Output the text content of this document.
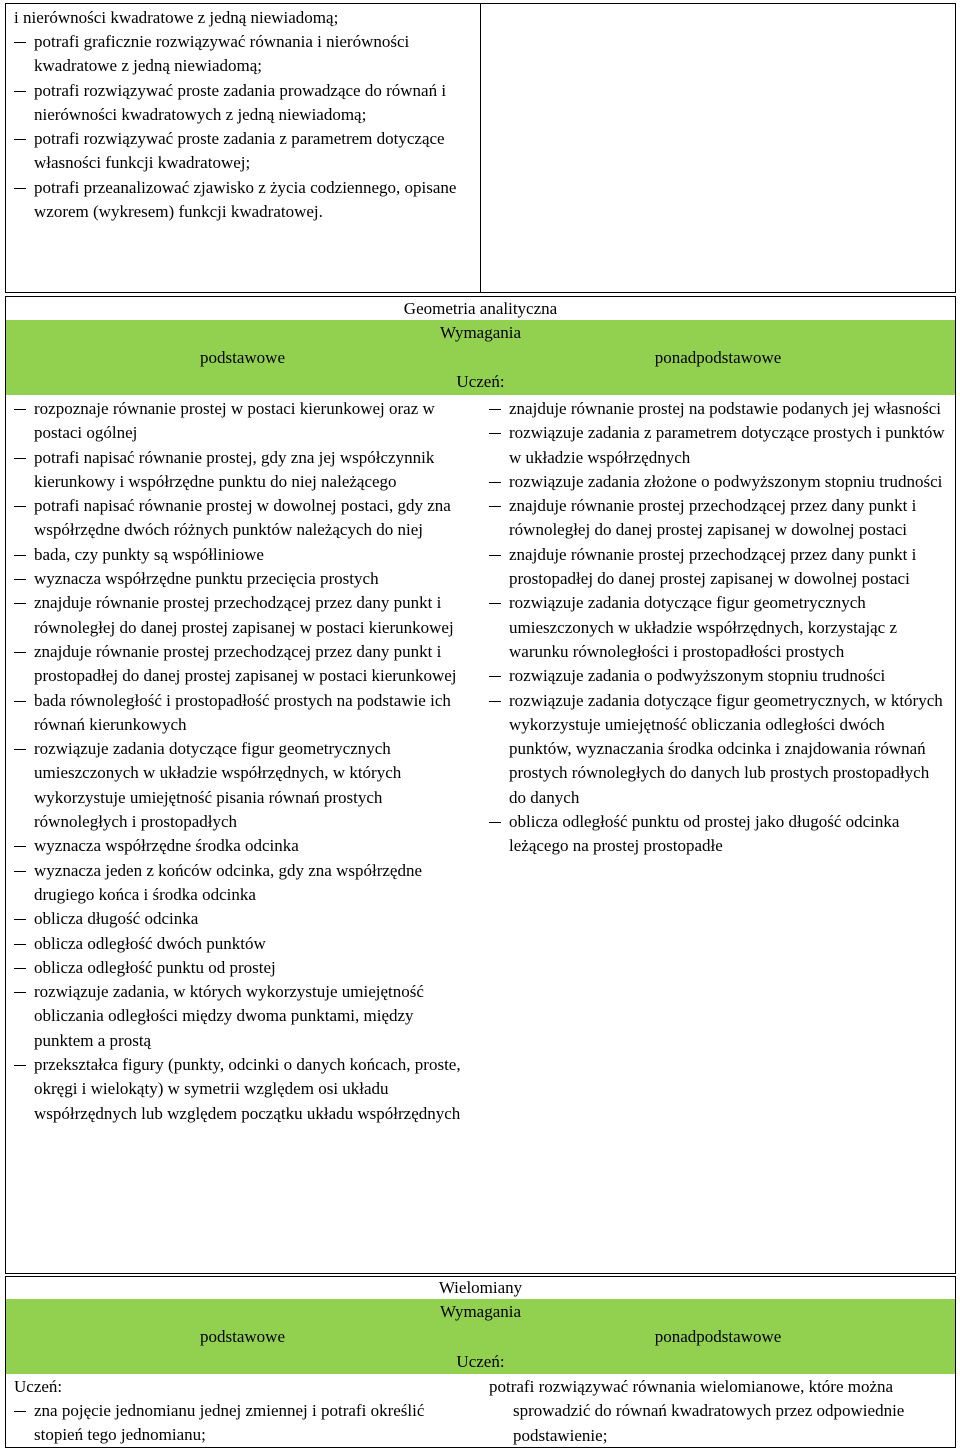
i nierówności kwadratowe z jedną niewiadomą;
potrafi graficznie rozwiązywać równania i nierówności kwadratowe z jedną niewiadomą;
potrafi rozwiązywać proste zadania prowadzące do równań i nierówności kwadratowych z jedną niewiadomą;
potrafi rozwiązywać proste zadania z parametrem dotyczące własności funkcji kwadratowej;
potrafi przeanalizować zjawisko z życia codziennego, opisane wzorem (wykresem) funkcji kwadratowej.
Geometria analityczna
Wymagania
podstawowe	ponadpodstawowe
Uczeń:
rozpoznaje równanie prostej w postaci kierunkowej oraz w postaci ogólnej
potrafi napisać równanie prostej, gdy zna jej współczynnik kierunkowy i współrzędne punktu do niej należącego
potrafi napisać równanie prostej w dowolnej postaci, gdy zna współrzędne dwóch różnych punktów należących do niej
bada, czy punkty są współliniowe
wyznacza współrzędne punktu przecięcia prostych
znajduje równanie prostej przechodzącej przez dany punkt i równoległej do danej prostej zapisanej w postaci kierunkowej
znajduje równanie prostej przechodzącej przez dany punkt i prostopadłej do danej prostej zapisanej w postaci kierunkowej
bada równoległość i prostopadłość prostych na podstawie ich równań kierunkowych
rozwiązuje zadania dotyczące figur geometrycznych umieszczonych w układzie współrzędnych, w których wykorzystuje umiejętność pisania równań prostych równoległych i prostopadłych
wyznacza współrzędne środka odcinka
wyznacza jeden z końców odcinka, gdy zna współrzędne drugiego końca i środka odcinka
oblicza długość odcinka
oblicza odległość dwóch punktów
oblicza odległość punktu od prostej
rozwiązuje zadania, w których wykorzystuje umiejętność obliczania odległości między dwoma punktami, między punktem a prostą
przekształca figury (punkty, odcinki o danych końcach, proste, okręgi i wielokąty) w symetrii względem osi układu współrzędnych lub względem początku układu współrzędnych
znajduje równanie prostej na podstawie podanych jej własności
rozwiązuje zadania z parametrem dotyczące prostych i punktów w układzie współrzędnych
rozwiązuje zadania złożone o podwyższonym stopniu trudności
znajduje równanie prostej przechodzącej przez dany punkt i równoległej do danej prostej zapisanej w dowolnej postaci
znajduje równanie prostej przechodzącej przez dany punkt i prostopadłej do danej prostej zapisanej w dowolnej postaci
rozwiązuje zadania dotyczące figur geometrycznych umieszczonych w układzie współrzędnych, korzystając z warunku równoległości i prostopadłości prostych
rozwiązuje zadania o podwyższonym stopniu trudności
rozwiązuje zadania dotyczące figur geometrycznych, w których wykorzystuje umiejętność obliczania odległości dwóch punktów, wyznaczania środka odcinka i znajdowania równań prostych równoległych do danych lub prostych prostopadłych do danych
oblicza odległość punktu od prostej jako długość odcinka leżącego na prostej prostopadłe
Wielomiany
Wymagania
podstawowe	ponadpodstawowe
Uczeń:
Uczeń:
zna pojęcie jednomianu jednej zmiennej i potrafi określić stopień tego jednomianu;
potrafi rozwiązywać równania wielomianowe, które można sprowadzić do równań kwadratowych przez odpowiednie podstawienie;
